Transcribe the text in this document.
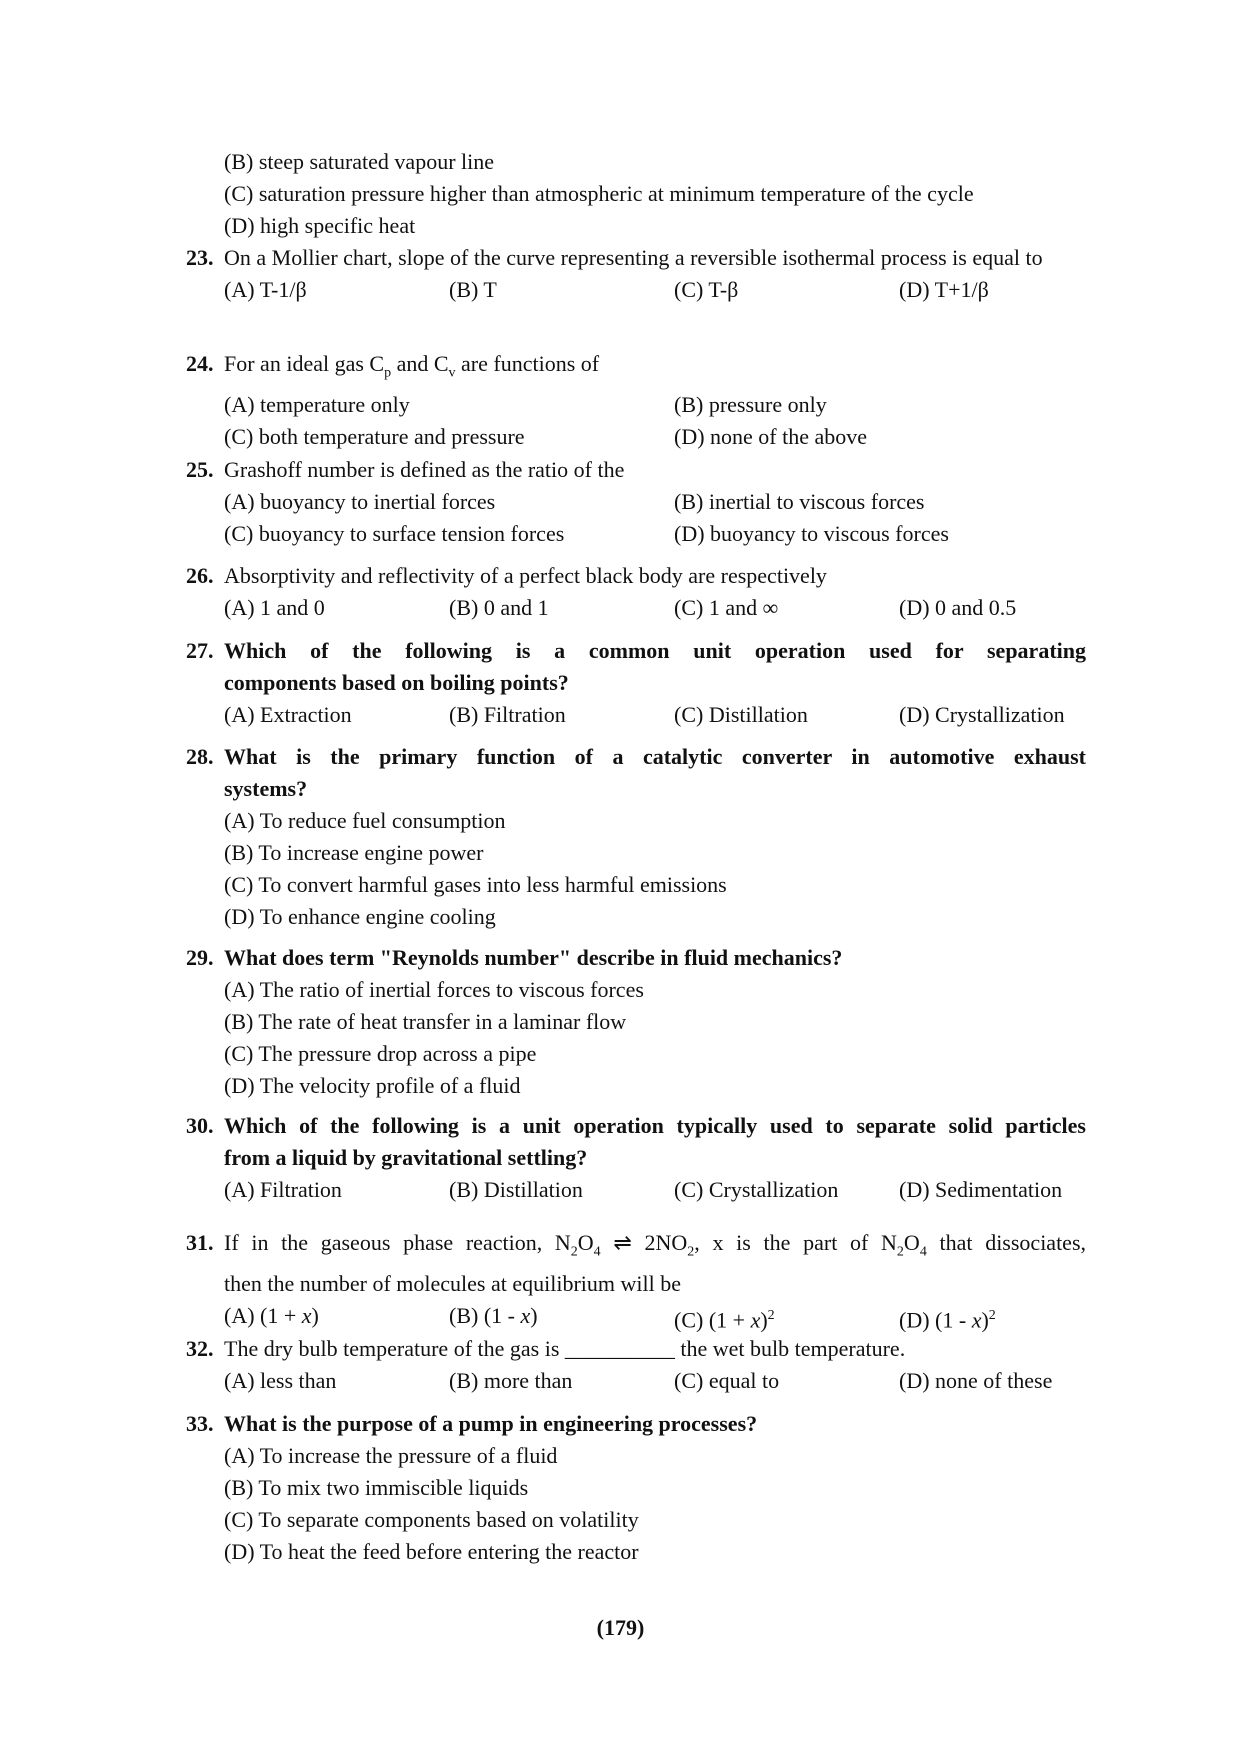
(B) steep saturated vapour line
(C) saturation pressure higher than atmospheric at minimum temperature of the cycle
(D) high specific heat
23. On a Mollier chart, slope of the curve representing a reversible isothermal process is equal to
(A) T-1/β	(B) T	(C) T-β	(D) T+1/β
24. For an ideal gas $C_p$ and $C_v$ are functions of
(A) temperature only	(B) pressure only
(C) both temperature and pressure	(D) none of the above
25. Grashoff number is defined as the ratio of the
(A) buoyancy to inertial forces	(B) inertial to viscous forces
(C) buoyancy to surface tension forces	(D) buoyancy to viscous forces
26. Absorptivity and reflectivity of a perfect black body are respectively
(A) 1 and 0	(B) 0 and 1	(C) 1 and ∞	(D) 0 and 0.5
27. Which of the following is a common unit operation used for separating
components based on boiling points?
(A) Extraction	(B) Filtration	(C) Distillation	(D) Crystallization
28. What is the primary function of a catalytic converter in automotive exhaust
systems?
(A) To reduce fuel consumption
(B) To increase engine power
(C) To convert harmful gases into less harmful emissions
(D) To enhance engine cooling
29. What does term "Reynolds number" describe in fluid mechanics?
(A) The ratio of inertial forces to viscous forces
(B) The rate of heat transfer in a laminar flow
(C) The pressure drop across a pipe
(D) The velocity profile of a fluid
30. Which of the following is a unit operation typically used to separate solid particles
from a liquid by gravitational settling?
(A) Filtration	(B) Distillation	(C) Crystallization	(D) Sedimentation
31. If in the gaseous phase reaction, $N_2O_4$ ⇌ $2NO_2$, x is the part of $N_2O_4$ that dissociates,
then the number of molecules at equilibrium will be
(A) (1 + x)	(B) (1 - x)	(C) $(1 + x)^2$	(D) (1 - x)$^2$
32. The dry bulb temperature of the gas is __________ the wet bulb temperature.
(A) less than	(B) more than	(C) equal to	(D) none of these
33. What is the purpose of a pump in engineering processes?
(A) To increase the pressure of a fluid
(B) To mix two immiscible liquids
(C) To separate components based on volatility
(D) To heat the feed before entering the reactor
(179)
